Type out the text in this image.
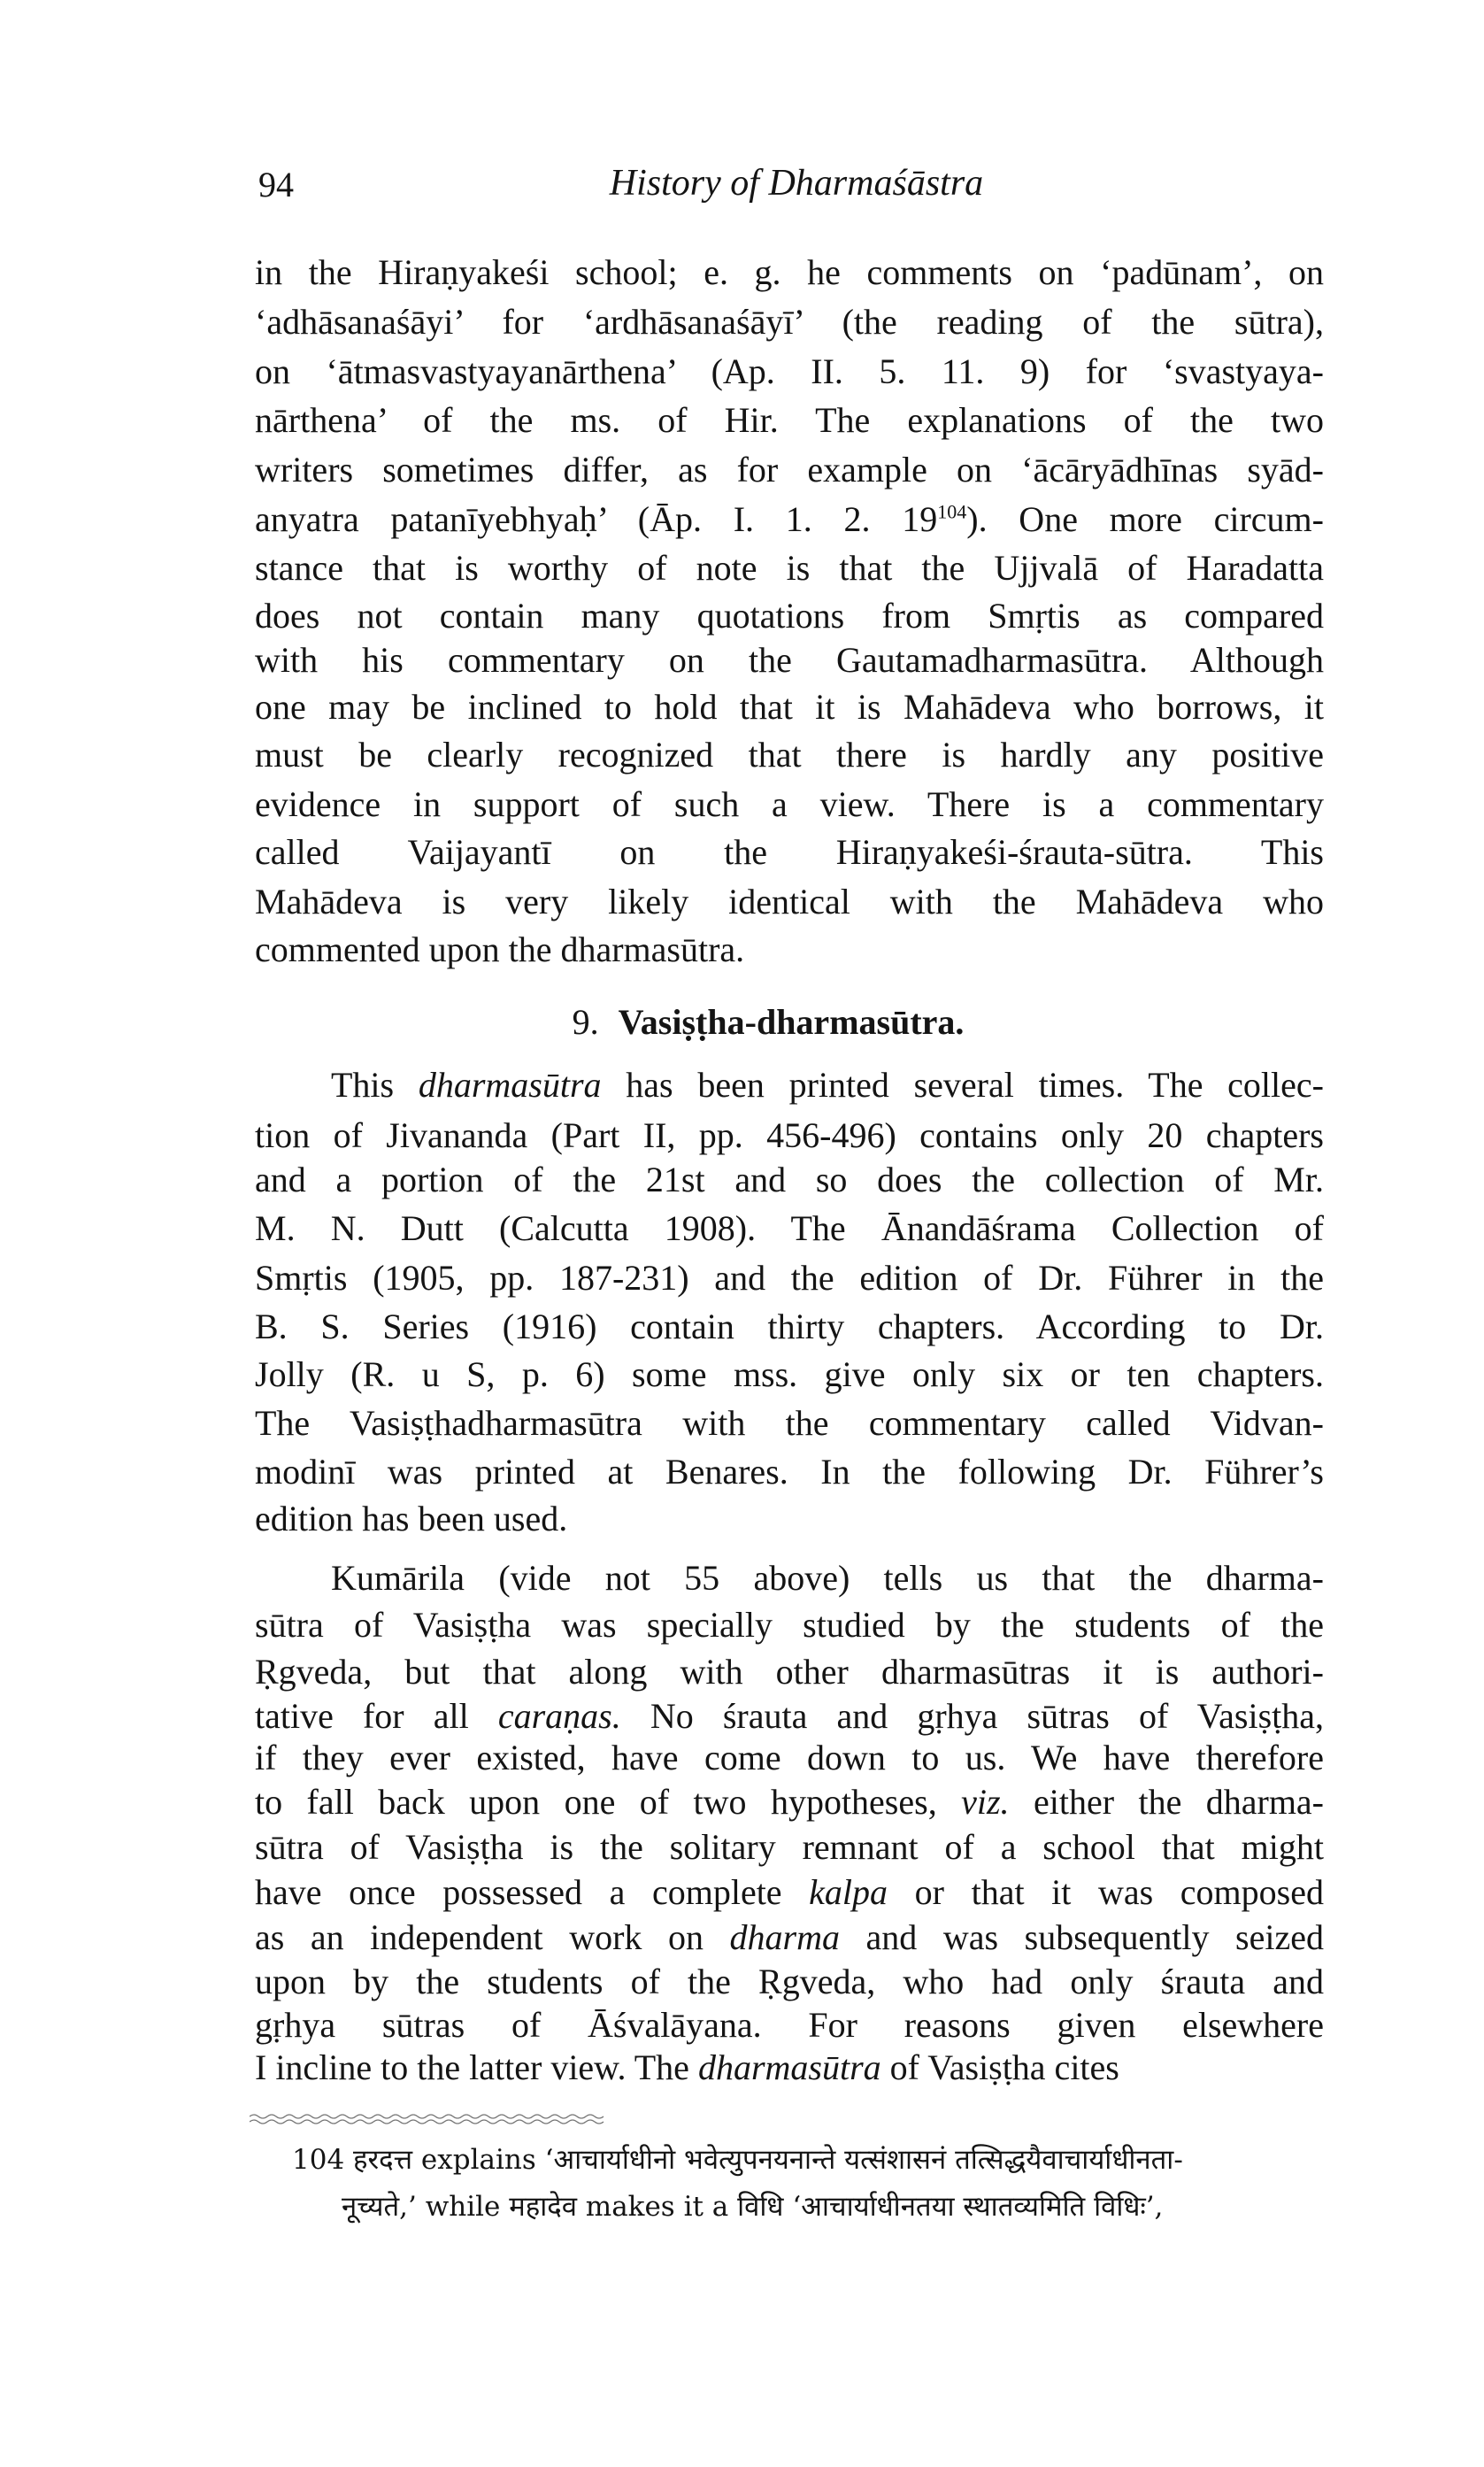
94	History of Dharmaśāstra
in the Hiraṇyakeśi school; e. g. he comments on ‘padūnam’, on
‘adhāsanaśāyi’ for ‘ardhāsanaśāyī’ (the reading of the sūtra),
on ‘ātmasvastyayanārthena’ (Ap. II. 5. 11. 9) for ‘svastyaya-
nārthena’ of the ms. of Hir. The explanations of the two
writers sometimes differ, as for example on ‘ācāryādhīnas syād-
anyatra patanīyebhyaḥ’ (Āp. I. 1. 2. $19^{104}$). One more circum-
stance that is worthy of note is that the Ujjvalā of Haradatta
does not contain many quotations from Smṛtis as compared
with his commentary on the Gautamadharmasūtra. Although
one may be inclined to hold that it is Mahādeva who borrows, it
must be clearly recognized that there is hardly any positive
evidence in support of such a view. There is a commentary
called Vaijayantī on the Hiraṇyakeśi-śrauta-sūtra. This
Mahādeva is very likely identical with the Mahādeva who
commented upon the dharmasūtra.
9. Vasiṣṭha-dharmasūtra.
This dharmasūtra has been printed several times. The collec-
tion of Jivananda (Part II, pp. 456-496) contains only 20 chapters
and a portion of the 21st and so does the collection of Mr.
M. N. Dutt (Calcutta 1908). The Ānandāśrama Collection of
Smṛtis (1905, pp. 187-231) and the edition of Dr. Führer in the
B. S. Series (1916) contain thirty chapters. According to Dr.
Jolly (R. u S, p. 6) some mss. give only six or ten chapters.
The Vasiṣṭhadharmasūtra with the commentary called Vidvan-
modinī was printed at Benares. In the following Dr. Führer’s
edition has been used.
Kumārila (vide not 55 above) tells us that the dharma-
sūtra of Vasiṣṭha was specially studied by the students of the
Ṛgveda, but that along with other dharmasūtras it is authori-
tative for all caraṇas. No śrauta and gṛhya sūtras of Vasiṣṭha,
if they ever existed, have come down to us. We have therefore
to fall back upon one of two hypotheses, viz. either the dharma-
sūtra of Vasiṣṭha is the solitary remnant of a school that might
have once possessed a complete kalpa or that it was composed
as an independent work on dharma and was subsequently seized
upon by the students of the Ṛgveda, who had only śrauta and
gṛhya sūtras of Āśvalāyana. For reasons given elsewhere
I incline to the latter view. The dharmasūtra of Vasiṣṭha cites
104 हरदत्त explains ‘आचार्याधीनो भवेत्युपनयनान्ते यत्संशासनं तत्सिद्धयैवाचार्याधीनता-
नूच्यते,’ while महादेव makes it a विधि ‘आचार्याधीनतया स्थातव्यमिति विधिः’,
